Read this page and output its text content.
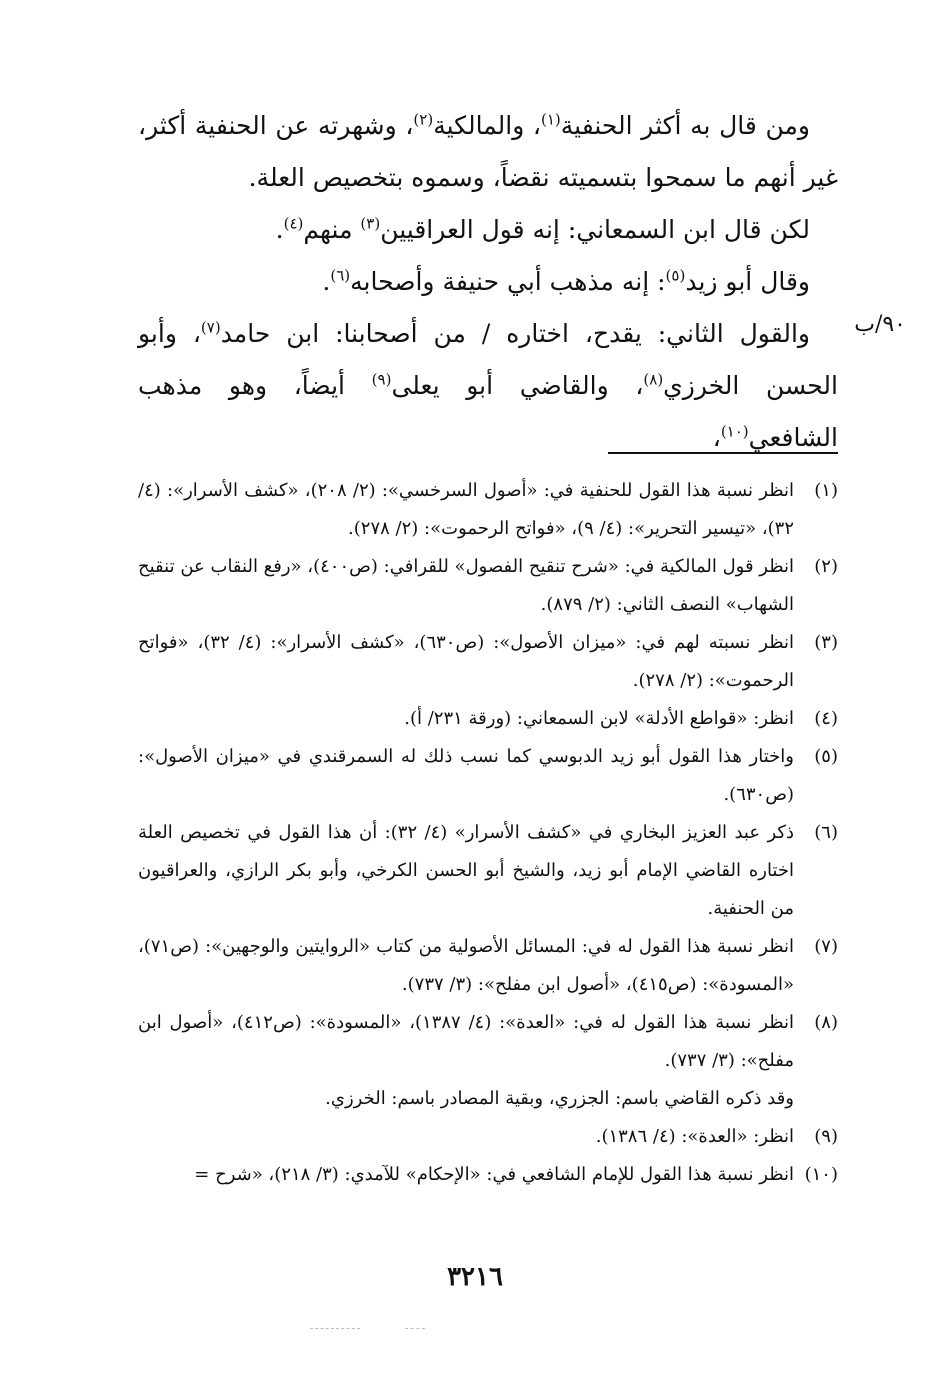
ومن قال به أكثر الحنفية$^{(١)}$، والمالكية$^{(٢)}$، وشهرته عن الحنفية أكثر، غير أنهم ما سمحوا بتسميته نقضاً، وسموه بتخصيص العلة.

لكن قال ابن السمعاني: إنه قول العراقيين$^{(٣)}$ منهم$^{(٤)}$.

وقال أبو زيد$^{(٥)}$: إنه مذهب أبي حنيفة وأصحابه$^{(٦)}$.

والقول الثاني: يقدح، اختاره / من أصحابنا: ابن حامد$^{(٧)}$، وأبو الحسن الخرزي$^{(٨)}$، والقاضي أبو يعلى$^{(٩)}$ أيضاً، وهو مذهب الشافعي$^{(١٠)}$،

٩٠/ب
(١)
انظر نسبة هذا القول للحنفية في: «أصول السرخسي»: (٢/ ٢٠٨)، «كشف الأسرار»: (٤/ ٣٢)، «تيسير التحرير»: (٤/ ٩)، «فواتح الرحموت»: (٢/ ٢٧٨).
(٢)
انظر قول المالكية في: «شرح تنقيح الفصول» للقرافي: (ص٤٠٠)، «رفع النقاب عن تنقيح الشهاب» النصف الثاني: (٢/ ٨٧٩).
(٣)
انظر نسبته لهم في: «ميزان الأصول»: (ص٦٣٠)، «كشف الأسرار»: (٤/ ٣٢)، «فواتح الرحموت»: (٢/ ٢٧٨).
(٤)
انظر: «قواطع الأدلة» لابن السمعاني: (ورقة ٢٣١/ أ).
(٥)
واختار هذا القول أبو زيد الدبوسي كما نسب ذلك له السمرقندي في «ميزان الأصول»: (ص٦٣٠).
(٦)
ذكر عبد العزيز البخاري في «كشف الأسرار» (٤/ ٣٢): أن هذا القول في تخصيص العلة اختاره القاضي الإمام أبو زيد، والشيخ أبو الحسن الكرخي، وأبو بكر الرازي، والعراقيون من الحنفية.
(٧)
انظر نسبة هذا القول له في: المسائل الأصولية من كتاب «الروايتين والوجهين»: (ص٧١)، «المسودة»: (ص٤١٥)، «أصول ابن مفلح»: (٣/ ٧٣٧).
(٨)
انظر نسبة هذا القول له في: «العدة»: (٤/ ١٣٨٧)، «المسودة»: (ص٤١٢)، «أصول ابن مفلح»: (٣/ ٧٣٧).
وقد ذكره القاضي باسم: الجزري، وبقية المصادر باسم: الخرزي.
(٩)
انظر: «العدة»: (٤/ ١٣٨٦).
(١٠)
انظر نسبة هذا القول للإمام الشافعي في: «الإحكام» للآمدي: (٣/ ٢١٨)، «شرح =
٣٢١٦
